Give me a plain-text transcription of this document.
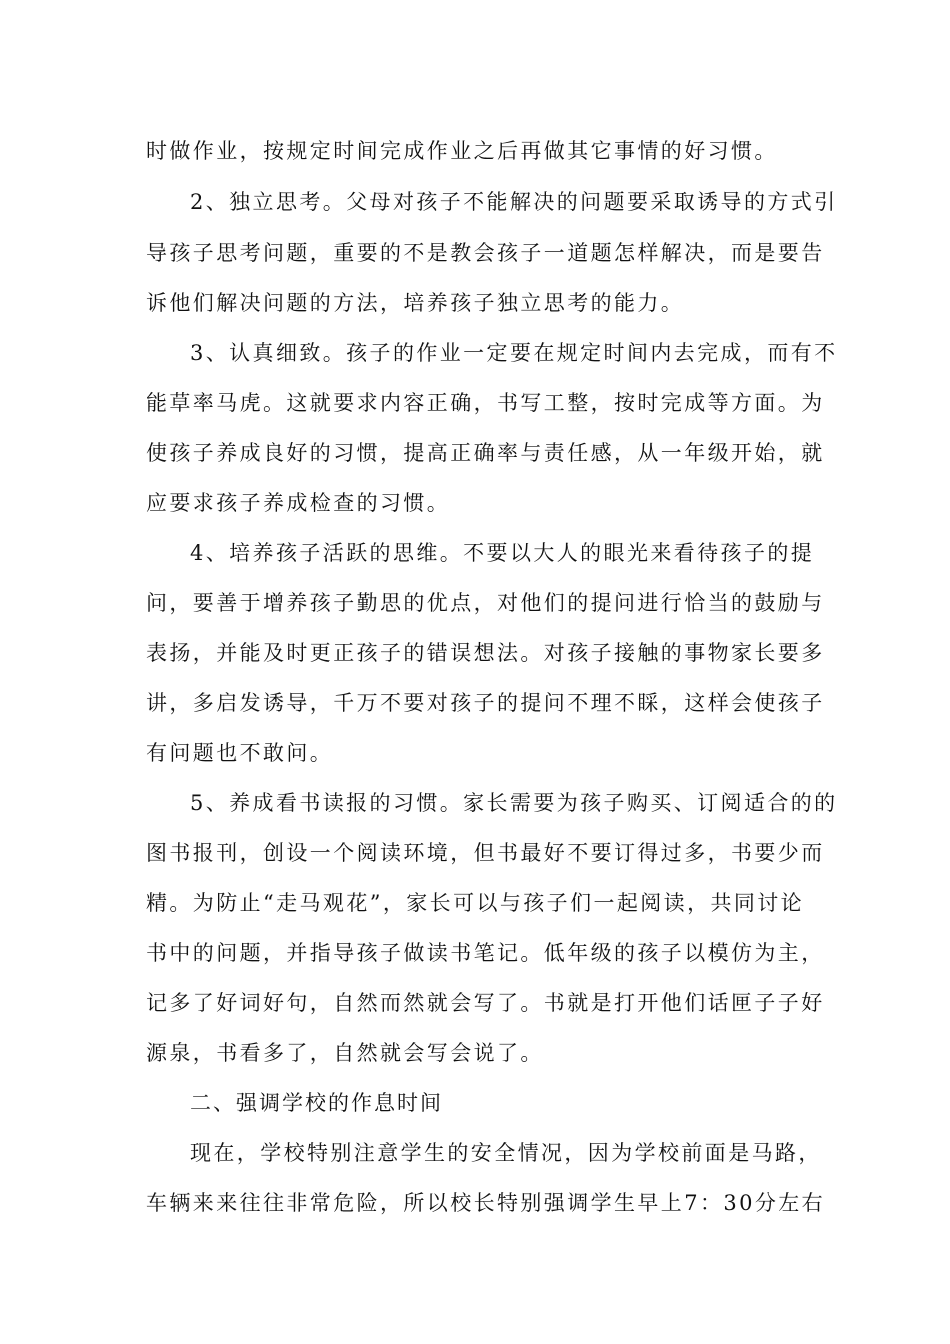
时做作业，按规定时间完成作业之后再做其它事情的好习惯。
2、独立思考。父母对孩子不能解决的问题要采取诱导的方式引
导孩子思考问题，重要的不是教会孩子一道题怎样解决，而是要告
诉他们解决问题的方法，培养孩子独立思考的能力。
3、认真细致。孩子的作业一定要在规定时间内去完成，而有不
能草率马虎。这就要求内容正确，书写工整，按时完成等方面。为
使孩子养成良好的习惯，提高正确率与责任感，从一年级开始，就
应要求孩子养成检查的习惯。
4、培养孩子活跃的思维。不要以大人的眼光来看待孩子的提
问，要善于增养孩子勤思的优点，对他们的提问进行恰当的鼓励与
表扬，并能及时更正孩子的错误想法。对孩子接触的事物家长要多
讲，多启发诱导，千万不要对孩子的提问不理不睬，这样会使孩子
有问题也不敢问。
5、养成看书读报的习惯。家长需要为孩子购买、订阅适合的的
图书报刊，创设一个阅读环境，但书最好不要订得过多，书要少而
精。为防止“走马观花”，家长可以与孩子们一起阅读，共同讨论
书中的问题，并指导孩子做读书笔记。低年级的孩子以模仿为主，
记多了好词好句，自然而然就会写了。书就是打开他们话匣子子好
源泉，书看多了，自然就会写会说了。
二、强调学校的作息时间
现在，学校特别注意学生的安全情况，因为学校前面是马路，
车辆来来往往非常危险，所以校长特别强调学生早上7：30分左右
